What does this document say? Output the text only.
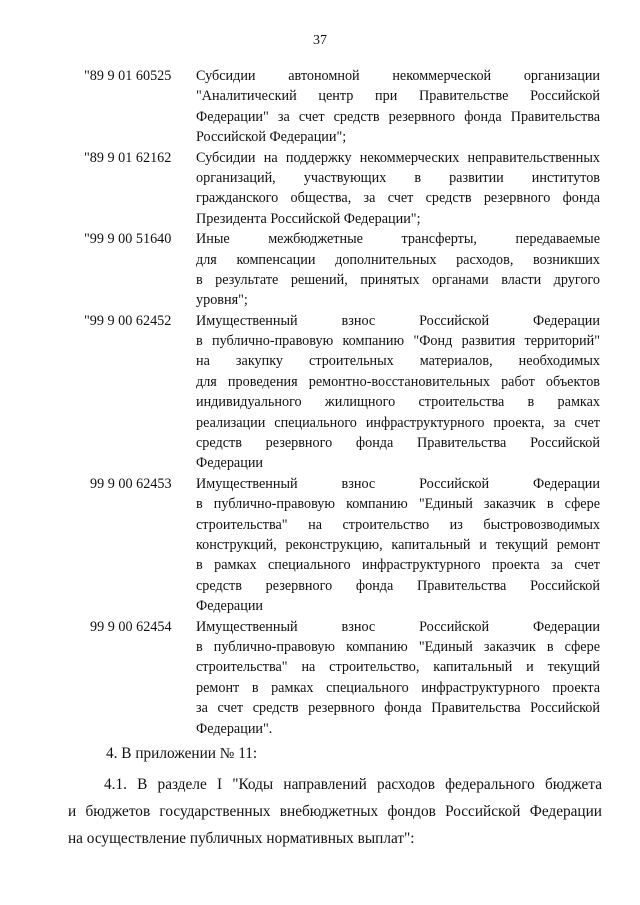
37
"89 9 01 60525	Субсидии автономной некоммерческой организации
"Аналитический центр при Правительстве Российской
Федерации" за счет средств резервного фонда Правительства
Российской Федерации";
"89 9 01 62162	Субсидии на поддержку некоммерческих неправительственных
организаций, участвующих в развитии институтов
гражданского общества, за счет средств резервного фонда
Президента Российской Федерации";
"99 9 00 51640	Иные межбюджетные трансферты, передаваемые
для компенсации дополнительных расходов, возникших
в результате решений, принятых органами власти другого
уровня";
"99 9 00 62452	Имущественный взнос Российской Федерации
в публично-правовую компанию "Фонд развития территорий"
на закупку строительных материалов, необходимых
для проведения ремонтно-восстановительных работ объектов
индивидуального жилищного строительства в рамках
реализации специального инфраструктурного проекта, за счет
средств резервного фонда Правительства Российской
Федерации
99 9 00 62453	Имущественный взнос Российской Федерации
в публично-правовую компанию "Единый заказчик в сфере
строительства" на строительство из быстровозводимых
конструкций, реконструкцию, капитальный и текущий ремонт
в рамках специального инфраструктурного проекта за счет
средств резервного фонда Правительства Российской
Федерации
99 9 00 62454	Имущественный взнос Российской Федерации
в публично-правовую компанию "Единый заказчик в сфере
строительства" на строительство, капитальный и текущий
ремонт в рамках специального инфраструктурного проекта
за счет средств резервного фонда Правительства Российской
Федерации".
4. В приложении № 11:
4.1. В разделе I "Коды направлений расходов федерального бюджета
и бюджетов государственных внебюджетных фондов Российской Федерации
на осуществление публичных нормативных выплат":
